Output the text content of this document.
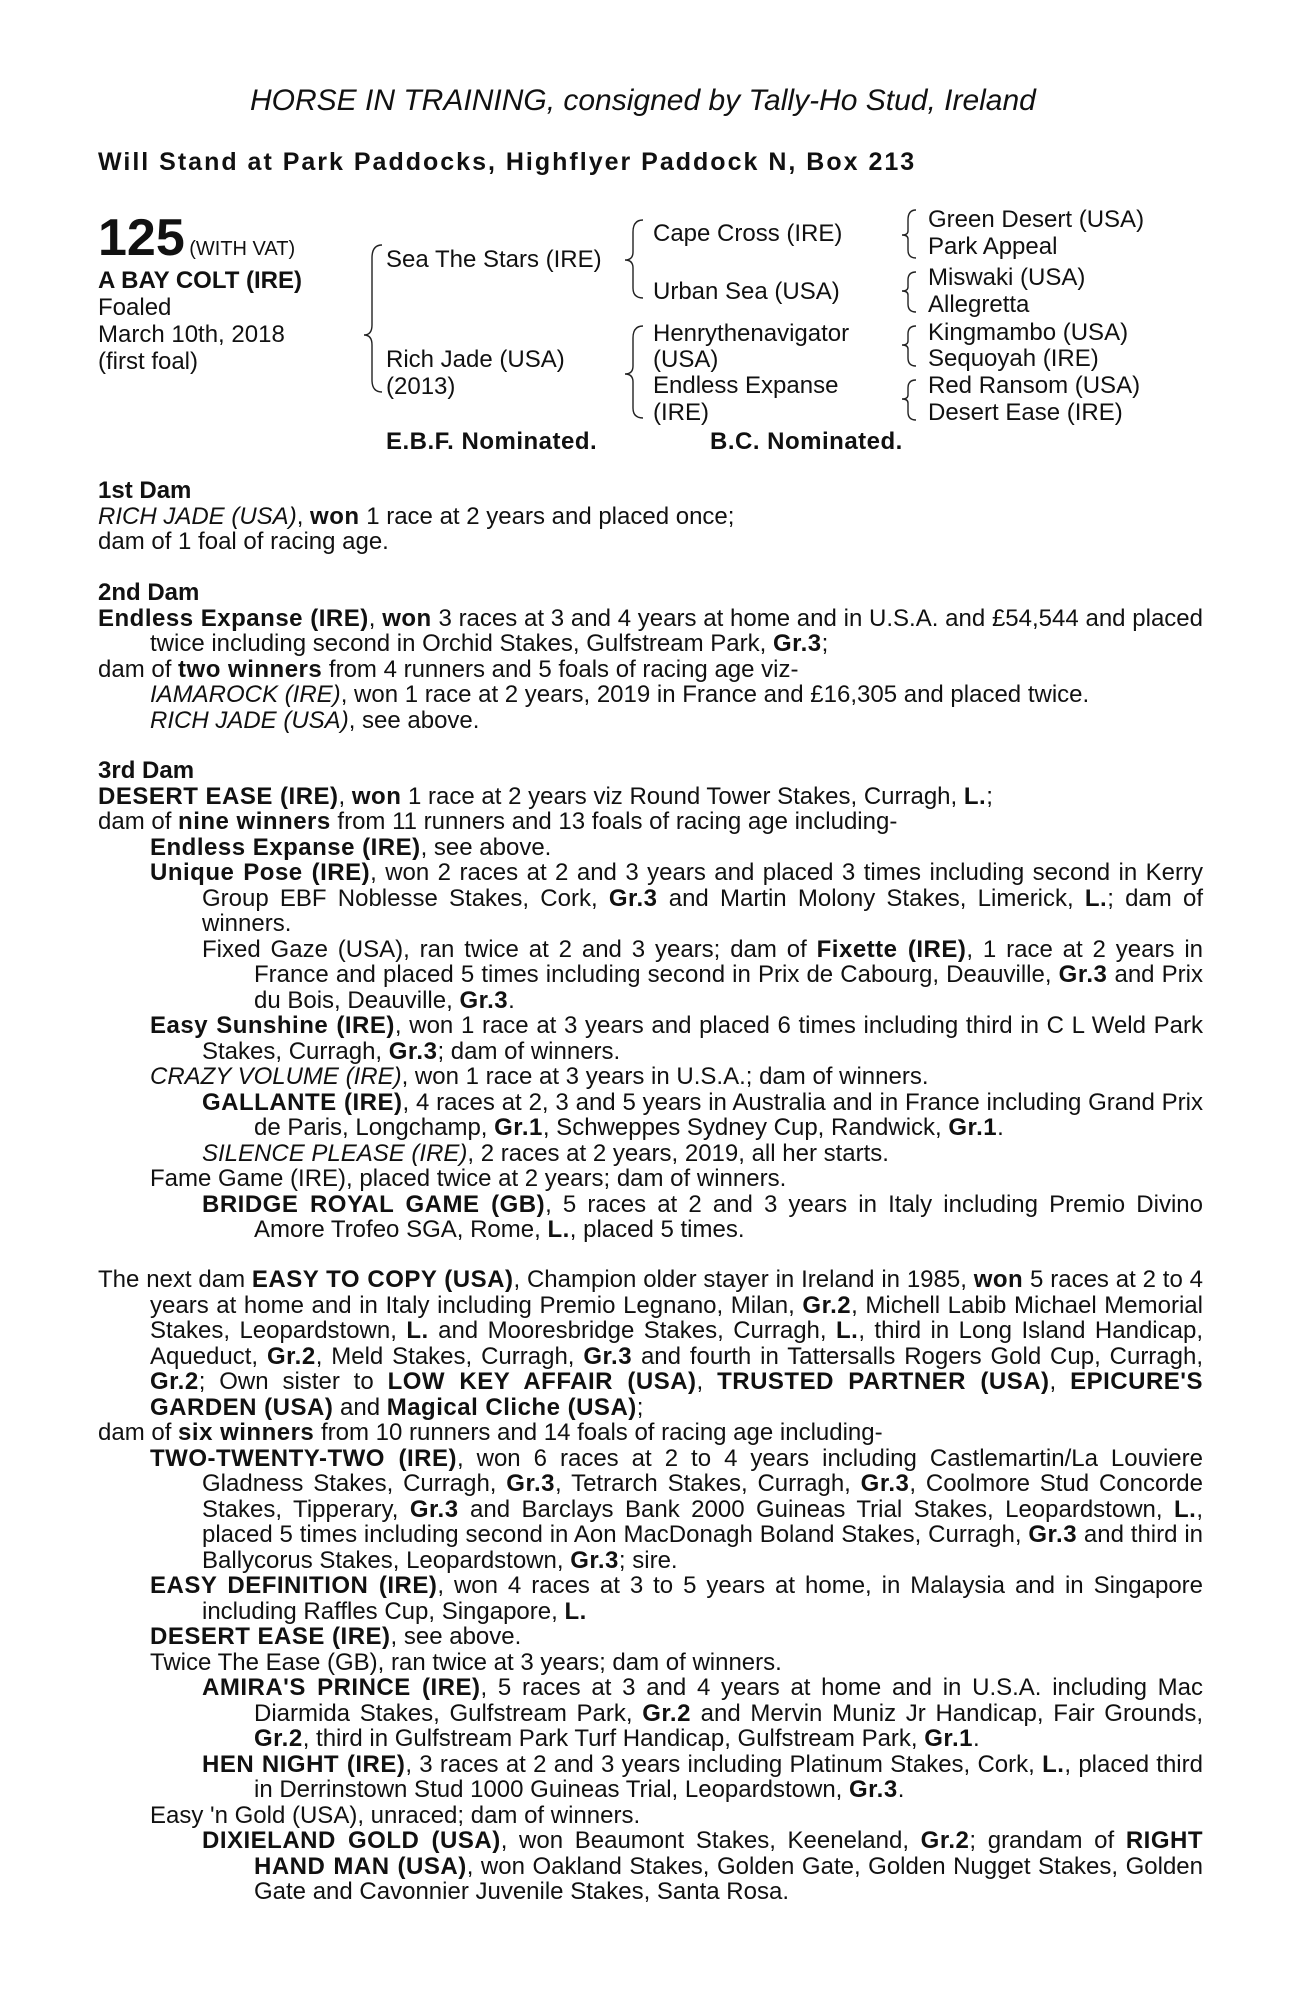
HORSE IN TRAINING, consigned by Tally-Ho Stud, Ireland
Will Stand at Park Paddocks, Highflyer Paddock N, Box 213
125 (WITH VAT)
A BAY COLT (IRE)
Foaled
March 10th, 2018
(first foal)
Sea The Stars (IRE)
Rich Jade (USA)
(2013)
Cape Cross (IRE)
Urban Sea (USA)
Henrythenavigator
(USA)
Endless Expanse
(IRE)
Green Desert (USA)
Park Appeal
Miswaki (USA)
Allegretta
Kingmambo (USA)
Sequoyah (IRE)
Red Ransom (USA)
Desert Ease (IRE)
E.B.F. Nominated.	B.C. Nominated.

1st Dam

RICH JADE (USA), won 1 race at 2 years and placed once;

dam of 1 foal of racing age.

2nd Dam

Endless Expanse (IRE), won 3 races at 3 and 4 years at home and in U.S.A. and £54,544 and placed twice including second in Orchid Stakes, Gulfstream Park, Gr.3;

dam of two winners from 4 runners and 5 foals of racing age viz-

IAMAROCK (IRE), won 1 race at 2 years, 2019 in France and £16,305 and placed twice.

RICH JADE (USA), see above.

3rd Dam

DESERT EASE (IRE), won 1 race at 2 years viz Round Tower Stakes, Curragh, L.;

dam of nine winners from 11 runners and 13 foals of racing age including-

Endless Expanse (IRE), see above.

Unique Pose (IRE), won 2 races at 2 and 3 years and placed 3 times including second in Kerry Group EBF Noblesse Stakes, Cork, Gr.3 and Martin Molony Stakes, Limerick, L.; dam of winners.

Fixed Gaze (USA), ran twice at 2 and 3 years; dam of Fixette (IRE), 1 race at 2 years in France and placed 5 times including second in Prix de Cabourg, Deauville, Gr.3 and Prix du Bois, Deauville, Gr.3.

Easy Sunshine (IRE), won 1 race at 3 years and placed 6 times including third in C L Weld Park Stakes, Curragh, Gr.3; dam of winners.

CRAZY VOLUME (IRE), won 1 race at 3 years in U.S.A.; dam of winners.

GALLANTE (IRE), 4 races at 2, 3 and 5 years in Australia and in France including Grand Prix de Paris, Longchamp, Gr.1, Schweppes Sydney Cup, Randwick, Gr.1.

SILENCE PLEASE (IRE), 2 races at 2 years, 2019, all her starts.

Fame Game (IRE), placed twice at 2 years; dam of winners.

BRIDGE ROYAL GAME (GB), 5 races at 2 and 3 years in Italy including Premio Divino Amore Trofeo SGA, Rome, L., placed 5 times.

The next dam EASY TO COPY (USA), Champion older stayer in Ireland in 1985, won 5 races at 2 to 4 years at home and in Italy including Premio Legnano, Milan, Gr.2, Michell Labib Michael Memorial Stakes, Leopardstown, L. and Mooresbridge Stakes, Curragh, L., third in Long Island Handicap, Aqueduct, Gr.2, Meld Stakes, Curragh, Gr.3 and fourth in Tattersalls Rogers Gold Cup, Curragh, Gr.2; Own sister to LOW KEY AFFAIR (USA), TRUSTED PARTNER (USA), EPICURE'S GARDEN (USA) and Magical Cliche (USA);

dam of six winners from 10 runners and 14 foals of racing age including-

TWO-TWENTY-TWO (IRE), won 6 races at 2 to 4 years including Castlemartin/La Louviere Gladness Stakes, Curragh, Gr.3, Tetrarch Stakes, Curragh, Gr.3, Coolmore Stud Concorde Stakes, Tipperary, Gr.3 and Barclays Bank 2000 Guineas Trial Stakes, Leopardstown, L., placed 5 times including second in Aon MacDonagh Boland Stakes, Curragh, Gr.3 and third in Ballycorus Stakes, Leopardstown, Gr.3; sire.

EASY DEFINITION (IRE), won 4 races at 3 to 5 years at home, in Malaysia and in Singapore including Raffles Cup, Singapore, L.

DESERT EASE (IRE), see above.

Twice The Ease (GB), ran twice at 3 years; dam of winners.

AMIRA'S PRINCE (IRE), 5 races at 3 and 4 years at home and in U.S.A. including Mac Diarmida Stakes, Gulfstream Park, Gr.2 and Mervin Muniz Jr Handicap, Fair Grounds, Gr.2, third in Gulfstream Park Turf Handicap, Gulfstream Park, Gr.1.

HEN NIGHT (IRE), 3 races at 2 and 3 years including Platinum Stakes, Cork, L., placed third in Derrinstown Stud 1000 Guineas Trial, Leopardstown, Gr.3.

Easy 'n Gold (USA), unraced; dam of winners.

DIXIELAND GOLD (USA), won Beaumont Stakes, Keeneland, Gr.2; grandam of RIGHT HAND MAN (USA), won Oakland Stakes, Golden Gate, Golden Nugget Stakes, Golden Gate and Cavonnier Juvenile Stakes, Santa Rosa.
